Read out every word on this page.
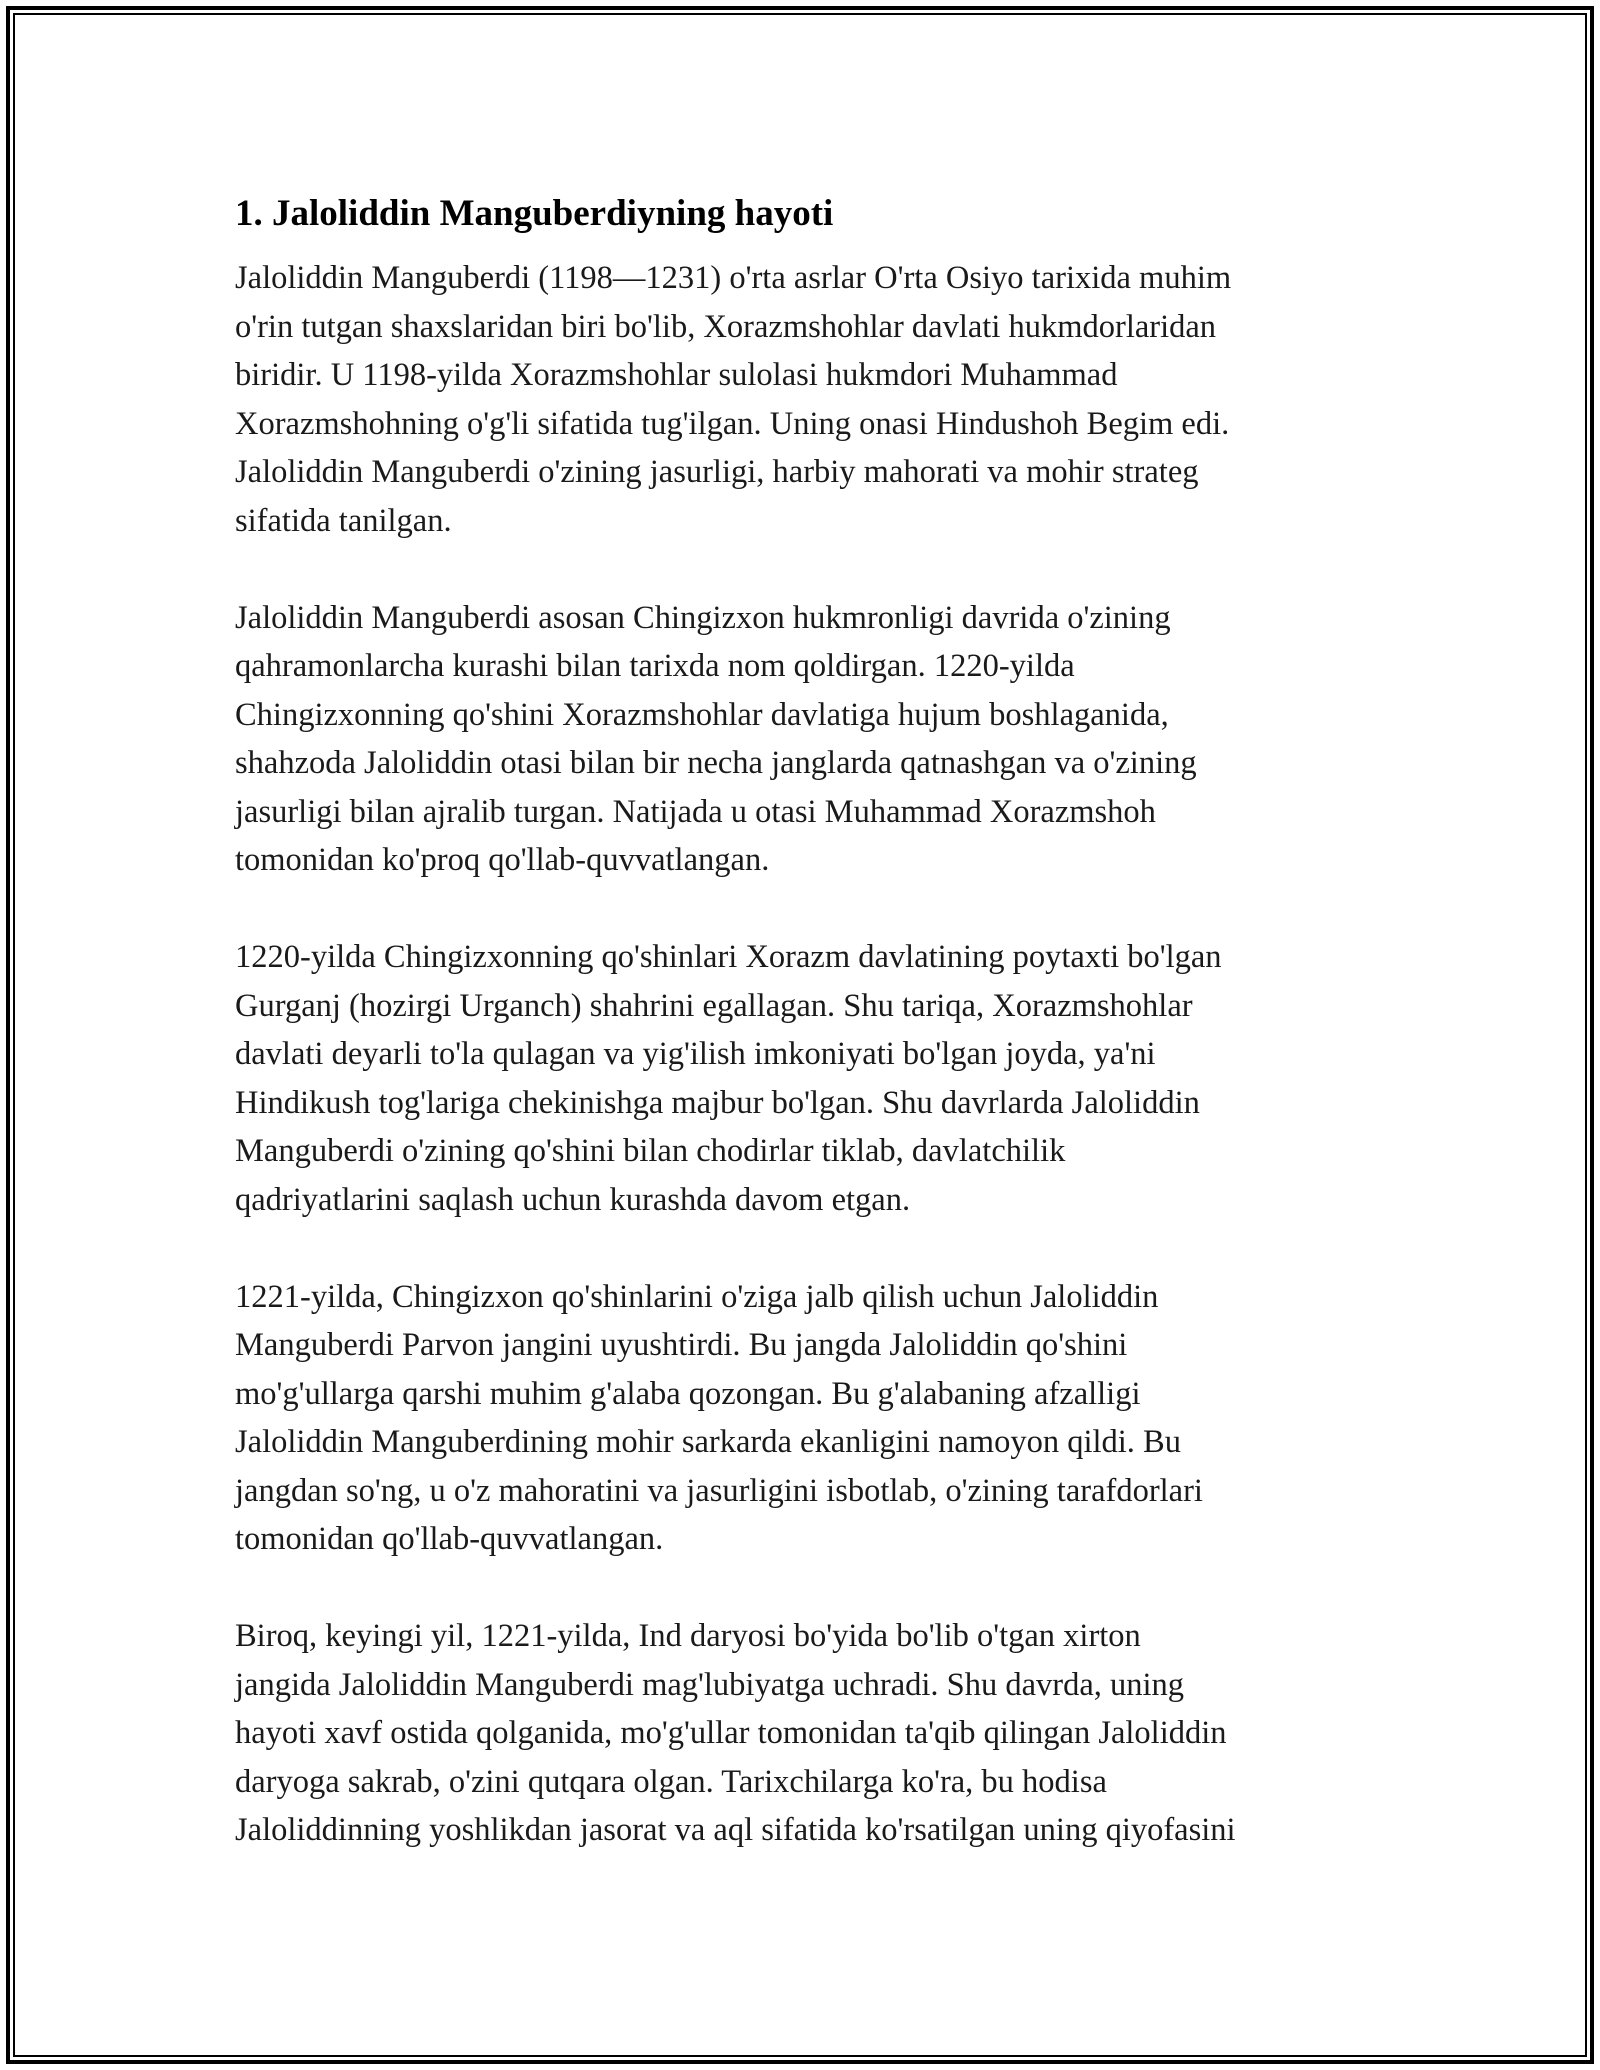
1. Jaloliddin Manguberdiyning hayoti
Jaloliddin Manguberdi (1198—1231) o'rta asrlar O'rta Osiyo tarixida muhim
o'rin tutgan shaxslaridan biri bo'lib, Xorazmshohlar davlati hukmdorlaridan
biridir. U 1198-yilda Xorazmshohlar sulolasi hukmdori Muhammad
Xorazmshohning o'g'li sifatida tug'ilgan. Uning onasi Hindushoh Begim edi.
Jaloliddin Manguberdi o'zining jasurligi, harbiy mahorati va mohir strateg
sifatida tanilgan.
Jaloliddin Manguberdi asosan Chingizxon hukmronligi davrida o'zining
qahramonlarcha kurashi bilan tarixda nom qoldirgan. 1220-yilda
Chingizxonning qo'shini Xorazmshohlar davlatiga hujum boshlaganida,
shahzoda Jaloliddin otasi bilan bir necha janglarda qatnashgan va o'zining
jasurligi bilan ajralib turgan. Natijada u otasi Muhammad Xorazmshoh
tomonidan ko'proq qo'llab-quvvatlangan.
1220-yilda Chingizxonning qo'shinlari Xorazm davlatining poytaxti bo'lgan
Gurganj (hozirgi Urganch) shahrini egallagan. Shu tariqa, Xorazmshohlar
davlati deyarli to'la qulagan va yig'ilish imkoniyati bo'lgan joyda, ya'ni
Hindikush tog'lariga chekinishga majbur bo'lgan. Shu davrlarda Jaloliddin
Manguberdi o'zining qo'shini bilan chodirlar tiklab, davlatchilik
qadriyatlarini saqlash uchun kurashda davom etgan.
1221-yilda, Chingizxon qo'shinlarini o'ziga jalb qilish uchun Jaloliddin
Manguberdi Parvon jangini uyushtirdi. Bu jangda Jaloliddin qo'shini
mo'g'ullarga qarshi muhim g'alaba qozongan. Bu g'alabaning afzalligi
Jaloliddin Manguberdining mohir sarkarda ekanligini namoyon qildi. Bu
jangdan so'ng, u o'z mahoratini va jasurligini isbotlab, o'zining tarafdorlari
tomonidan qo'llab-quvvatlangan.
Biroq, keyingi yil, 1221-yilda, Ind daryosi bo'yida bo'lib o'tgan xirton
jangida Jaloliddin Manguberdi mag'lubiyatga uchradi. Shu davrda, uning
hayoti xavf ostida qolganida, mo'g'ullar tomonidan ta'qib qilingan Jaloliddin
daryoga sakrab, o'zini qutqara olgan. Tarixchilarga ko'ra, bu hodisa
Jaloliddinning yoshlikdan jasorat va aql sifatida ko'rsatilgan uning qiyofasini
